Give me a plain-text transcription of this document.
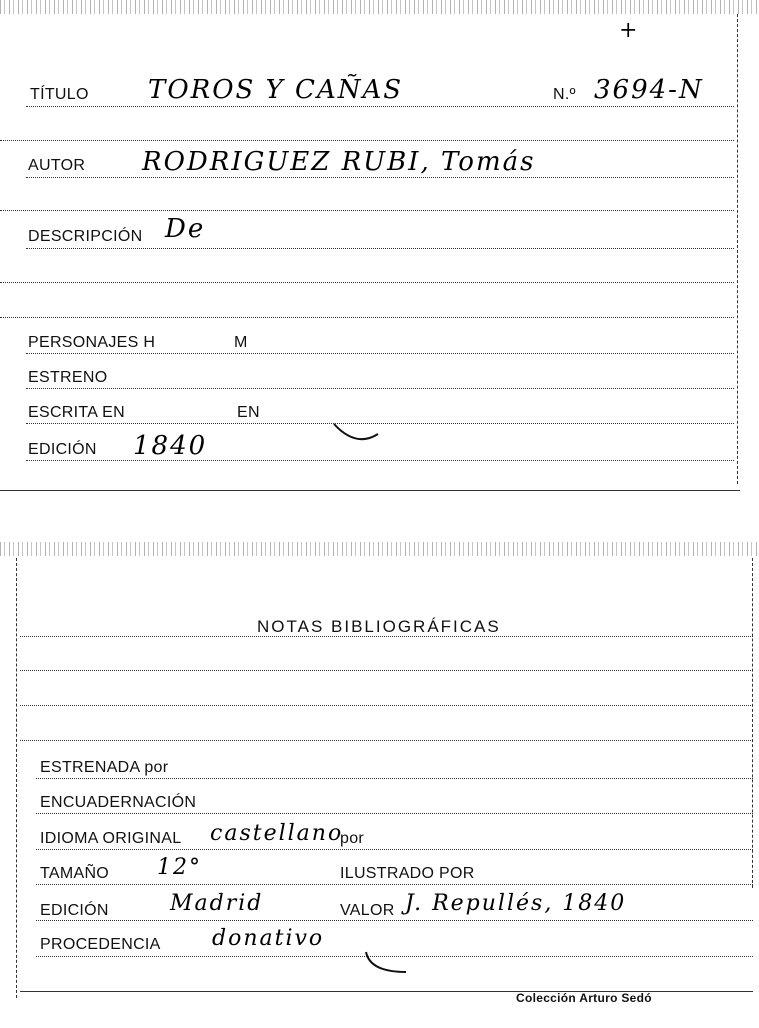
+
TÍTULO TOROS Y CAÑAS	N.º 3694-N
AUTOR RODRIGUEZ RUBI, Tomás
DESCRIPCIÓN De
PERSONAJES H	M
ESTRENO
ESCRITA EN	EN
EDICIÓN 1840
NOTAS BIBLIOGRÁFICAS
ESTRENADA por
ENCUADERNACIÓN
IDIOMA ORIGINAL castellano
por
TAMAÑO 12°	ILUSTRADO POR
EDICIÓN	Madrid	VALOR J. Repullés, 1840
PROCEDENCIA donativo
Colección Arturo Sedó
